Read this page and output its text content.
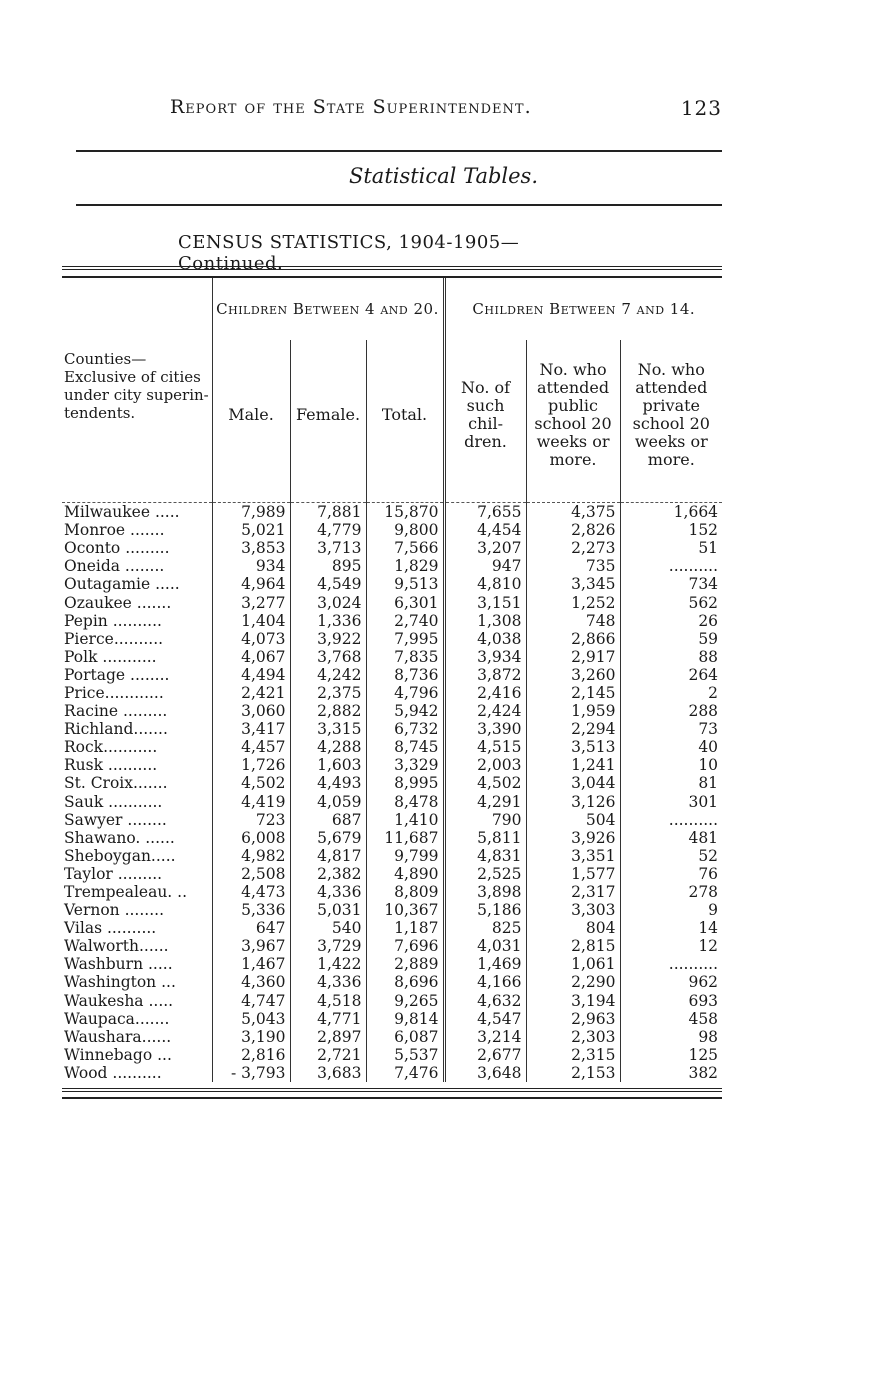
Report of the State Superintendent.	123
Statistical Tables.
CENSUS STATISTICS, 1904-1905—Continued.
Counties— Exclusive of cities under city superin-tendents.	Children Between 4 and 20.			Children Between 7 and 14.		
	Male.	Female.	Total.	No. of such chil-dren.	No. who attended public school 20 weeks or more.	No. who attended private school 20 weeks or more.

Milwaukee .....	7,989	7,881	15,870	7,655	4,375	1,664
Monroe .......	5,021	4,779	9,800	4,454	2,826	152
Oconto .........	3,853	3,713	7,566	3,207	2,273	51
Oneida ........	934	895	1,829	947	735	..........
Outagamie .....	4,964	4,549	9,513	4,810	3,345	734
Ozaukee .......	3,277	3,024	6,301	3,151	1,252	562
Pepin ..........	1,404	1,336	2,740	1,308	748	26
Pierce..........	4,073	3,922	7,995	4,038	2,866	59
Polk ...........	4,067	3,768	7,835	3,934	2,917	88
Portage ........	4,494	4,242	8,736	3,872	3,260	264
Price............	2,421	2,375	4,796	2,416	2,145	2
Racine .........	3,060	2,882	5,942	2,424	1,959	288
Richland.......	3,417	3,315	6,732	3,390	2,294	73
Rock...........	4,457	4,288	8,745	4,515	3,513	40
Rusk ..........	1,726	1,603	3,329	2,003	1,241	10
St. Croix.......	4,502	4,493	8,995	4,502	3,044	81
Sauk ...........	4,419	4,059	8,478	4,291	3,126	301
Sawyer ........	723	687	1,410	790	504	..........
Shawano. ......	6,008	5,679	11,687	5,811	3,926	481
Sheboygan.....	4,982	4,817	9,799	4,831	3,351	52
Taylor .........	2,508	2,382	4,890	2,525	1,577	76
Trempealeau. ..	4,473	4,336	8,809	3,898	2,317	278
Vernon ........	5,336	5,031	10,367	5,186	3,303	9
Vilas ..........	647	540	1,187	825	804	14
Walworth......	3,967	3,729	7,696	4,031	2,815	12
Washburn .....	1,467	1,422	2,889	1,469	1,061	..........
Washington ...	4,360	4,336	8,696	4,166	2,290	962
Waukesha .....	4,747	4,518	9,265	4,632	3,194	693
Waupaca.......	5,043	4,771	9,814	4,547	2,963	458
Waushara......	3,190	2,897	6,087	3,214	2,303	98
Winnebago ...	2,816	2,721	5,537	2,677	2,315	125
Wood ..........	- 3,793	3,683	7,476	3,648	2,153	382
